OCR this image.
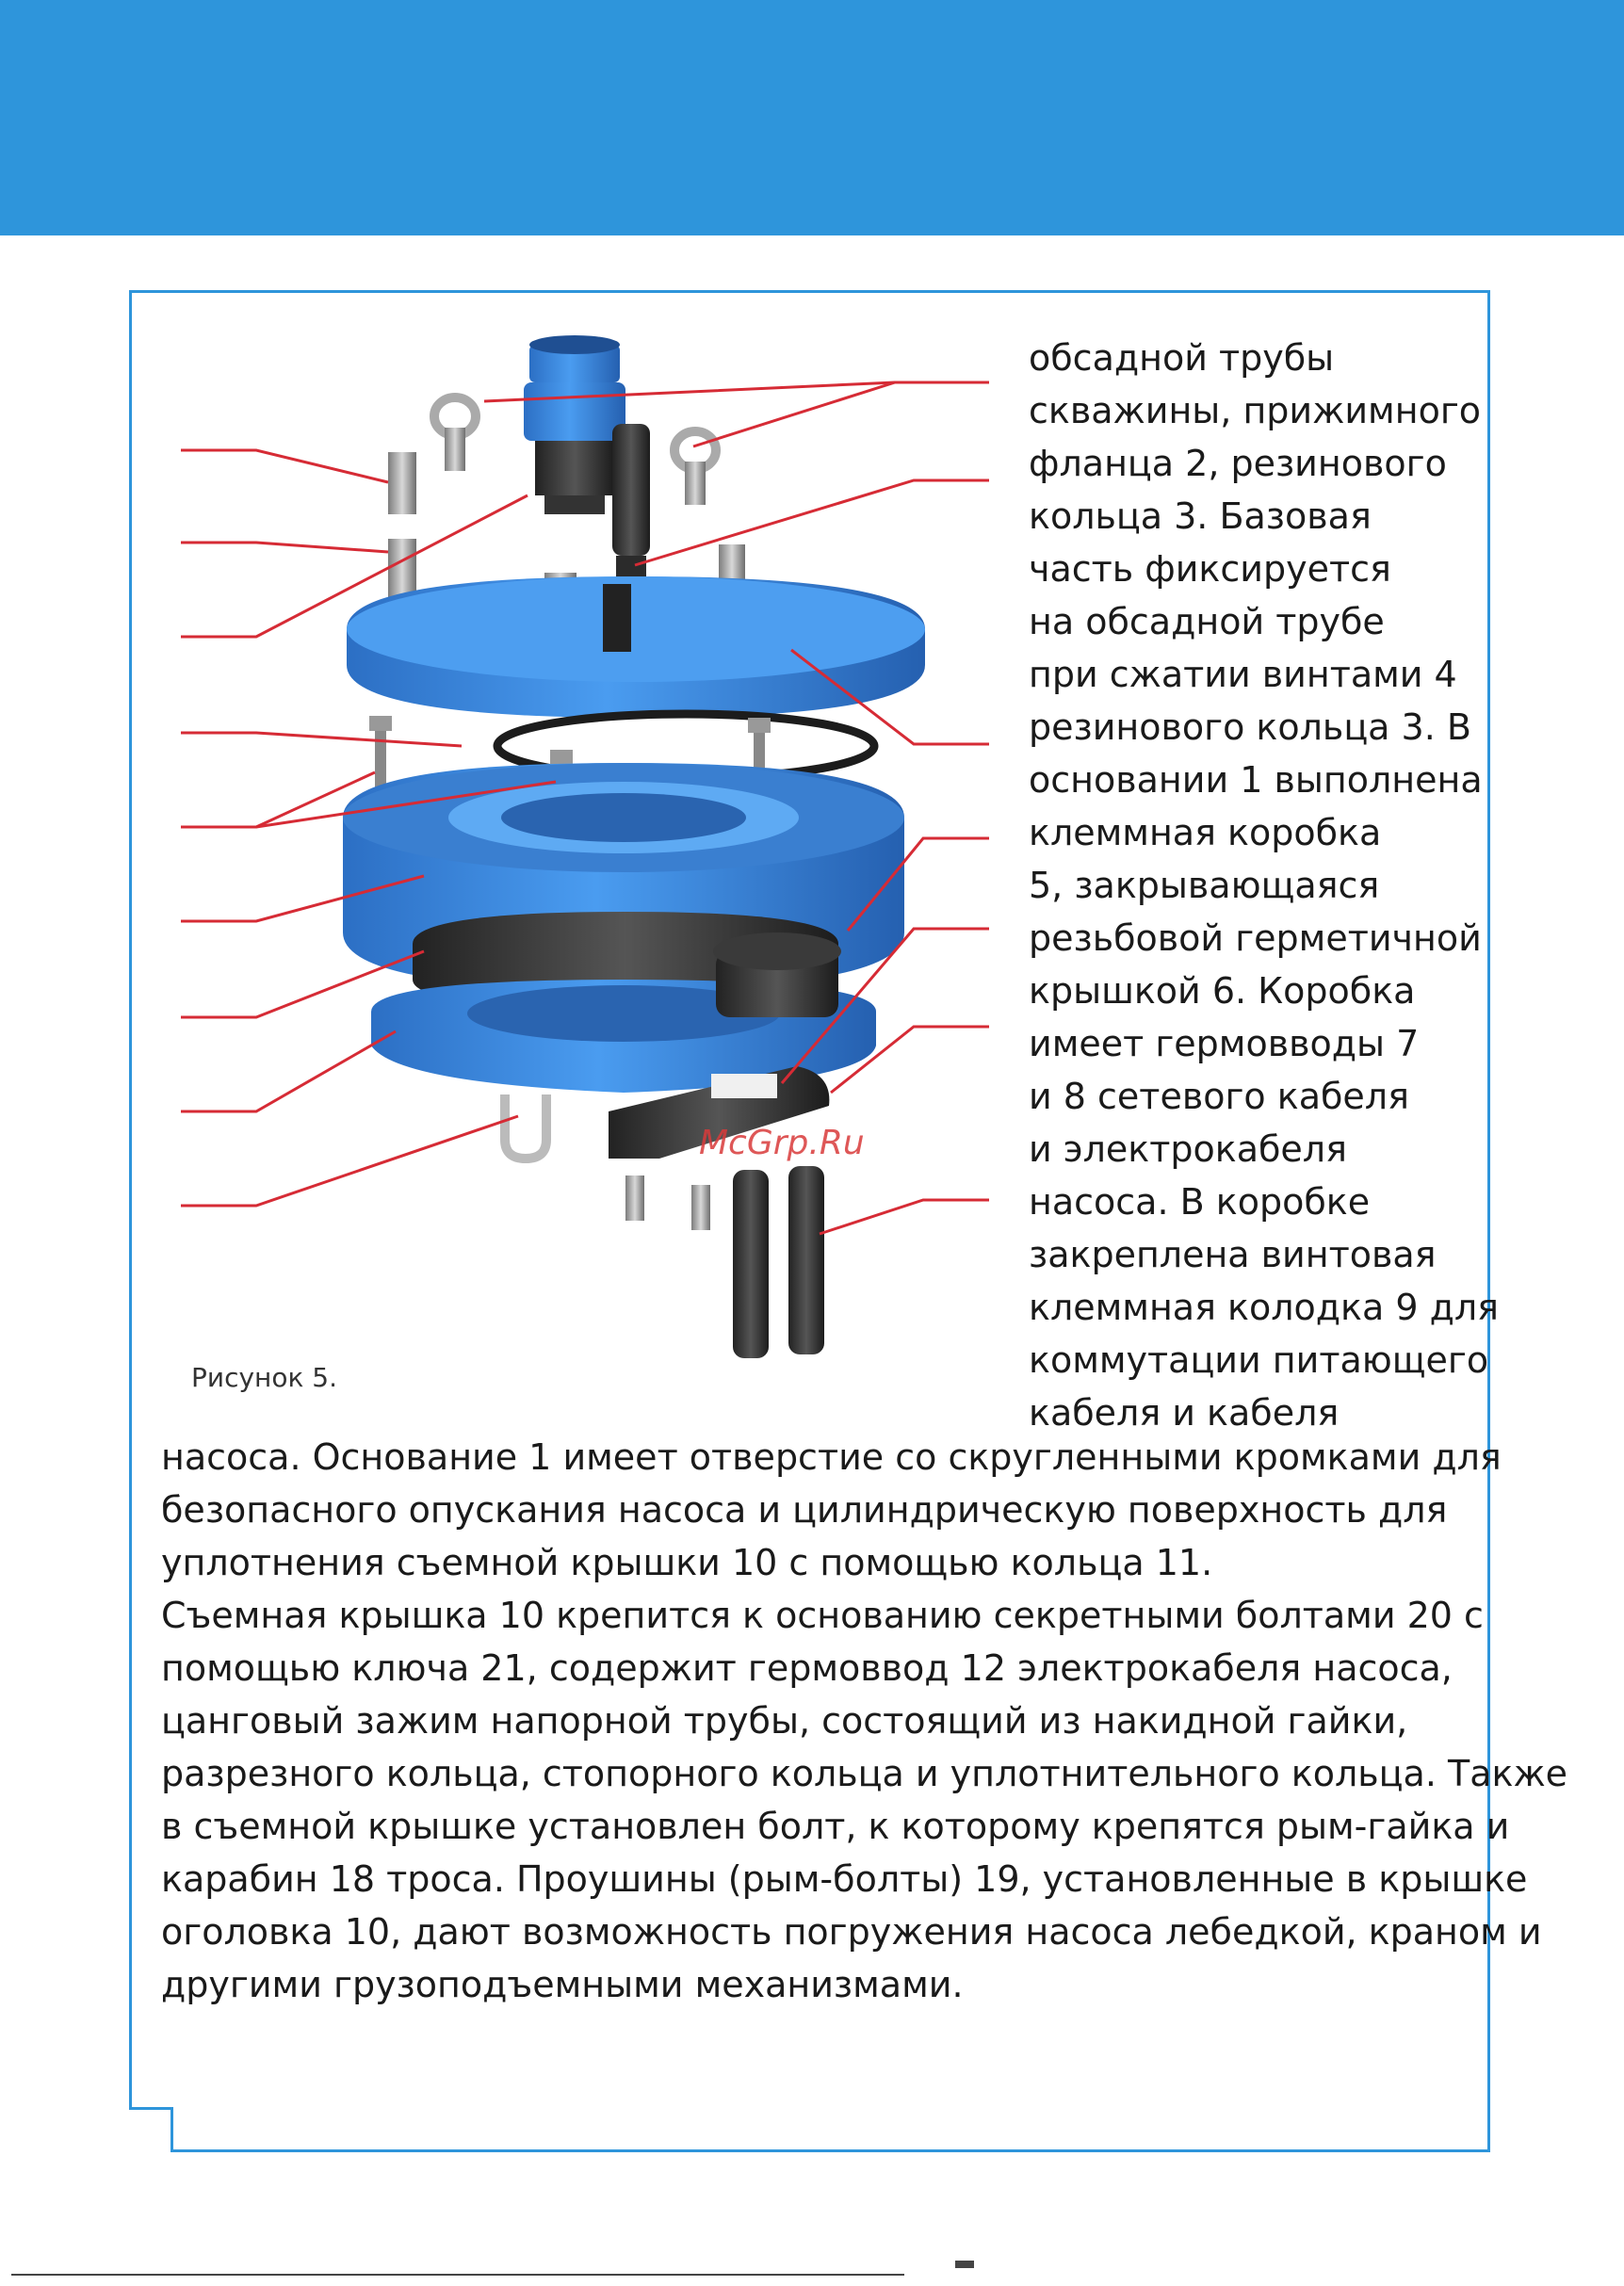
McGrp.Ru
Рисунок 5.
обсадной трубы
скважины, прижимного
фланца 2, резинового
кольца 3. Базовая
часть фиксируется
на обсадной трубе
при сжатии винтами 4
резинового кольца 3. В
основании 1 выполнена
клеммная коробка
5, закрывающаяся
резьбовой герметичной
крышкой 6. Коробка
имеет гермовводы 7
и 8 сетевого кабеля
и электрокабеля
насоса. В коробке
закреплена винтовая
клеммная колодка 9 для
коммутации питающего
кабеля и кабеля
насоса. Основание 1 имеет отверстие со скругленными кромками для
безопасного опускания насоса и цилиндрическую поверхность для
уплотнения съемной крышки 10 с помощью кольца 11.
Съемная крышка 10 крепится к основанию секретными болтами 20 с
помощью ключа 21, содержит гермоввод 12 электрокабеля насоса,
цанговый зажим напорной трубы, состоящий из накидной гайки,
разрезного кольца, стопорного кольца и уплотнительного кольца. Также
в съемной крышке установлен болт, к которому крепятся рым-гайка и
карабин 18 троса. Проушины (рым-болты) 19, установленные в крышке
оголовка 10, дают возможность погружения насоса лебедкой, краном и
другими грузоподъемными механизмами.
